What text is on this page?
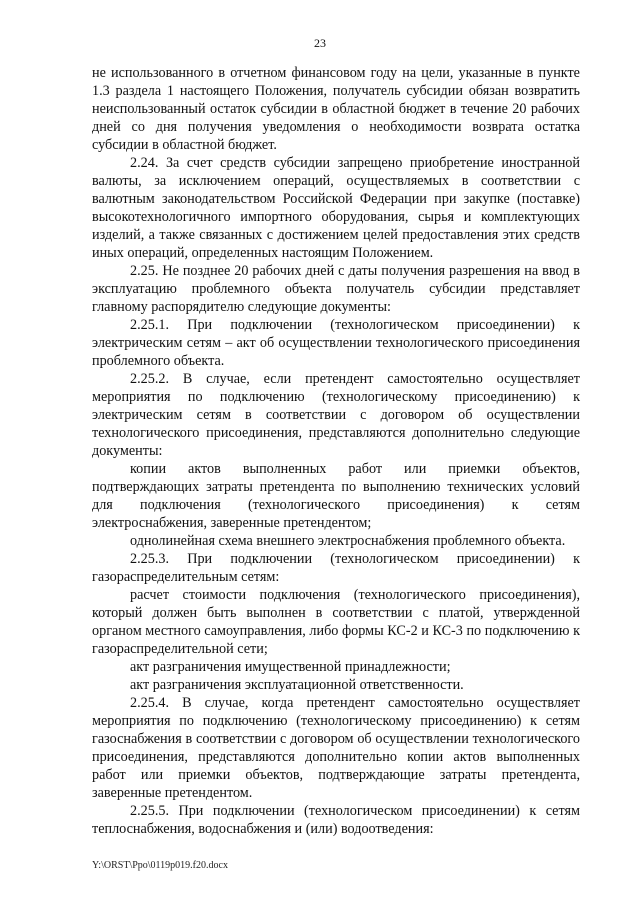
23

не использованного в отчетном финансовом году на цели, указанные в пункте 1.3 раздела 1 настоящего Положения, получатель субсидии обязан возвратить неиспользованный остаток субсидии в областной бюджет в течение 20 рабочих дней со дня получения уведомления о необходимости возврата остатка субсидии в областной бюджет.

2.24. За счет средств субсидии запрещено приобретение иностранной валюты, за исключением операций, осуществляемых в соответствии с валютным законодательством Российской Федерации при закупке (поставке) высокотехнологичного импортного оборудования, сырья и комплектующих изделий, а также связанных с достижением целей предоставления этих средств иных операций, определенных настоящим Положением.

2.25. Не позднее 20 рабочих дней с даты получения разрешения на ввод в эксплуатацию проблемного объекта получатель субсидии представляет главному распорядителю следующие документы:

2.25.1. При подключении (технологическом присоединении) к электрическим сетям – акт об осуществлении технологического присоединения проблемного объекта.

2.25.2. В случае, если претендент самостоятельно осуществляет мероприятия по подключению (технологическому присоединению) к электрическим сетям в соответствии с договором об осуществлении технологического присоединения, представляются дополнительно следующие документы:

копии актов выполненных работ или приемки объектов, подтверждающих затраты претендента по выполнению технических условий для подключения (технологического присоединения) к сетям электроснабжения, заверенные претендентом;

однолинейная схема внешнего электроснабжения проблемного объекта.

2.25.3. При подключении (технологическом присоединении) к газораспределительным сетям:

расчет стоимости подключения (технологического присоединения), который должен быть выполнен в соответствии с платой, утвержденной органом местного самоуправления, либо формы КС-2 и КС-3 по подключению к газораспределительной сети;

акт разграничения имущественной принадлежности;

акт разграничения эксплуатационной ответственности.

2.25.4. В случае, когда претендент самостоятельно осуществляет мероприятия по подключению (технологическому присоединению) к сетям газоснабжения в соответствии с договором об осуществлении технологического присоединения, представляются дополнительно копии актов выполненных работ или приемки объектов, подтверждающие затраты претендента, заверенные претендентом.

2.25.5. При подключении (технологическом присоединении) к сетям теплоснабжения, водоснабжения и (или) водоотведения:

Y:\ORST\Ppo\0119p019.f20.docx
